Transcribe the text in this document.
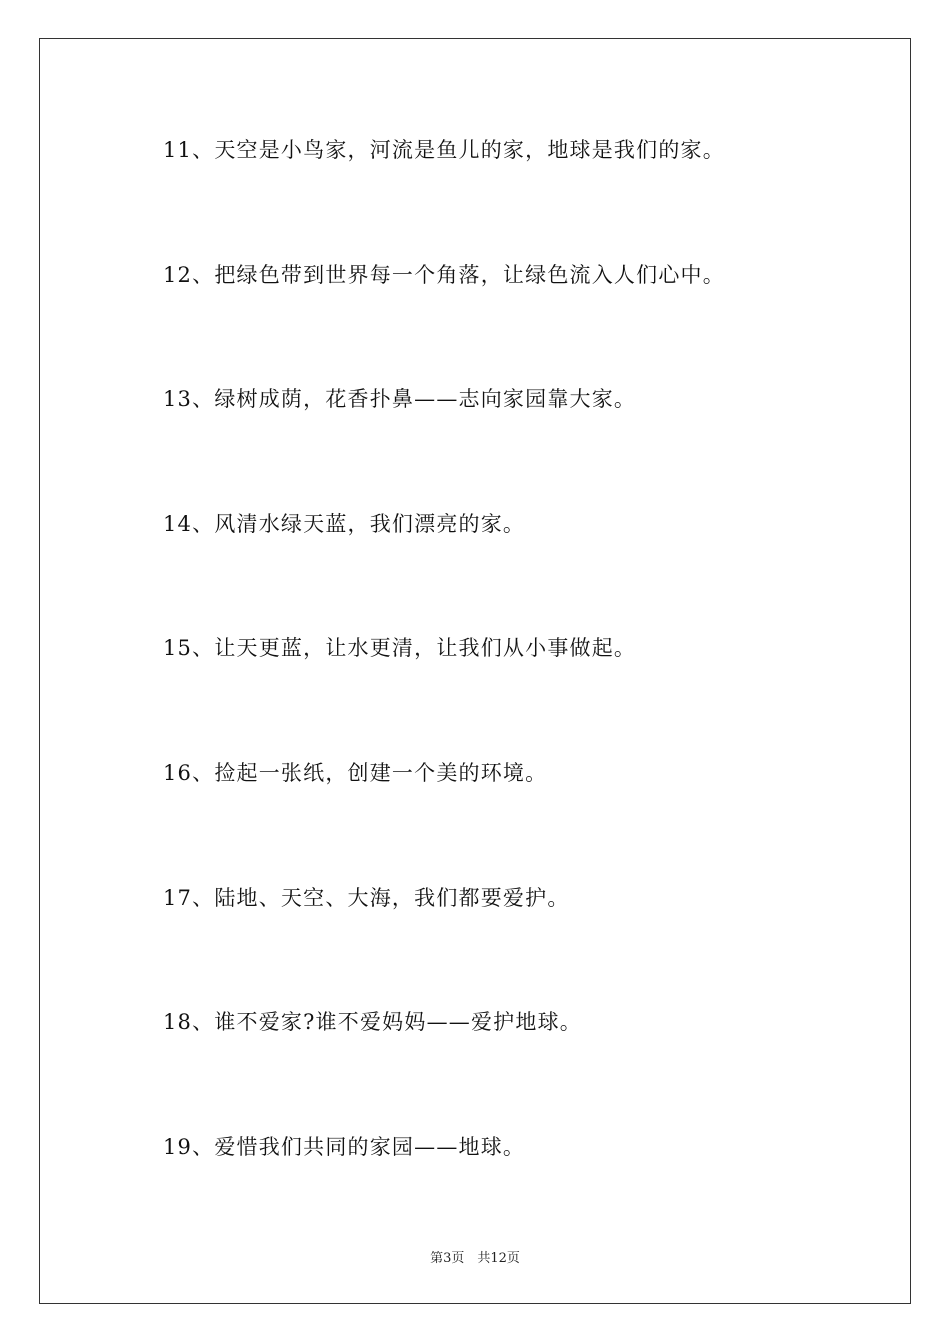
11、天空是小鸟家，河流是鱼儿的家，地球是我们的家。
12、把绿色带到世界每一个角落，让绿色流入人们心中。
13、绿树成荫，花香扑鼻——志向家园靠大家。
14、风清水绿天蓝，我们漂亮的家。
15、让天更蓝，让水更清，让我们从小事做起。
16、捡起一张纸，创建一个美的环境。
17、陆地、天空、大海，我们都要爱护。
18、谁不爱家?谁不爱妈妈——爱护地球。
19、爱惜我们共同的家园——地球。
第3页　共12页
